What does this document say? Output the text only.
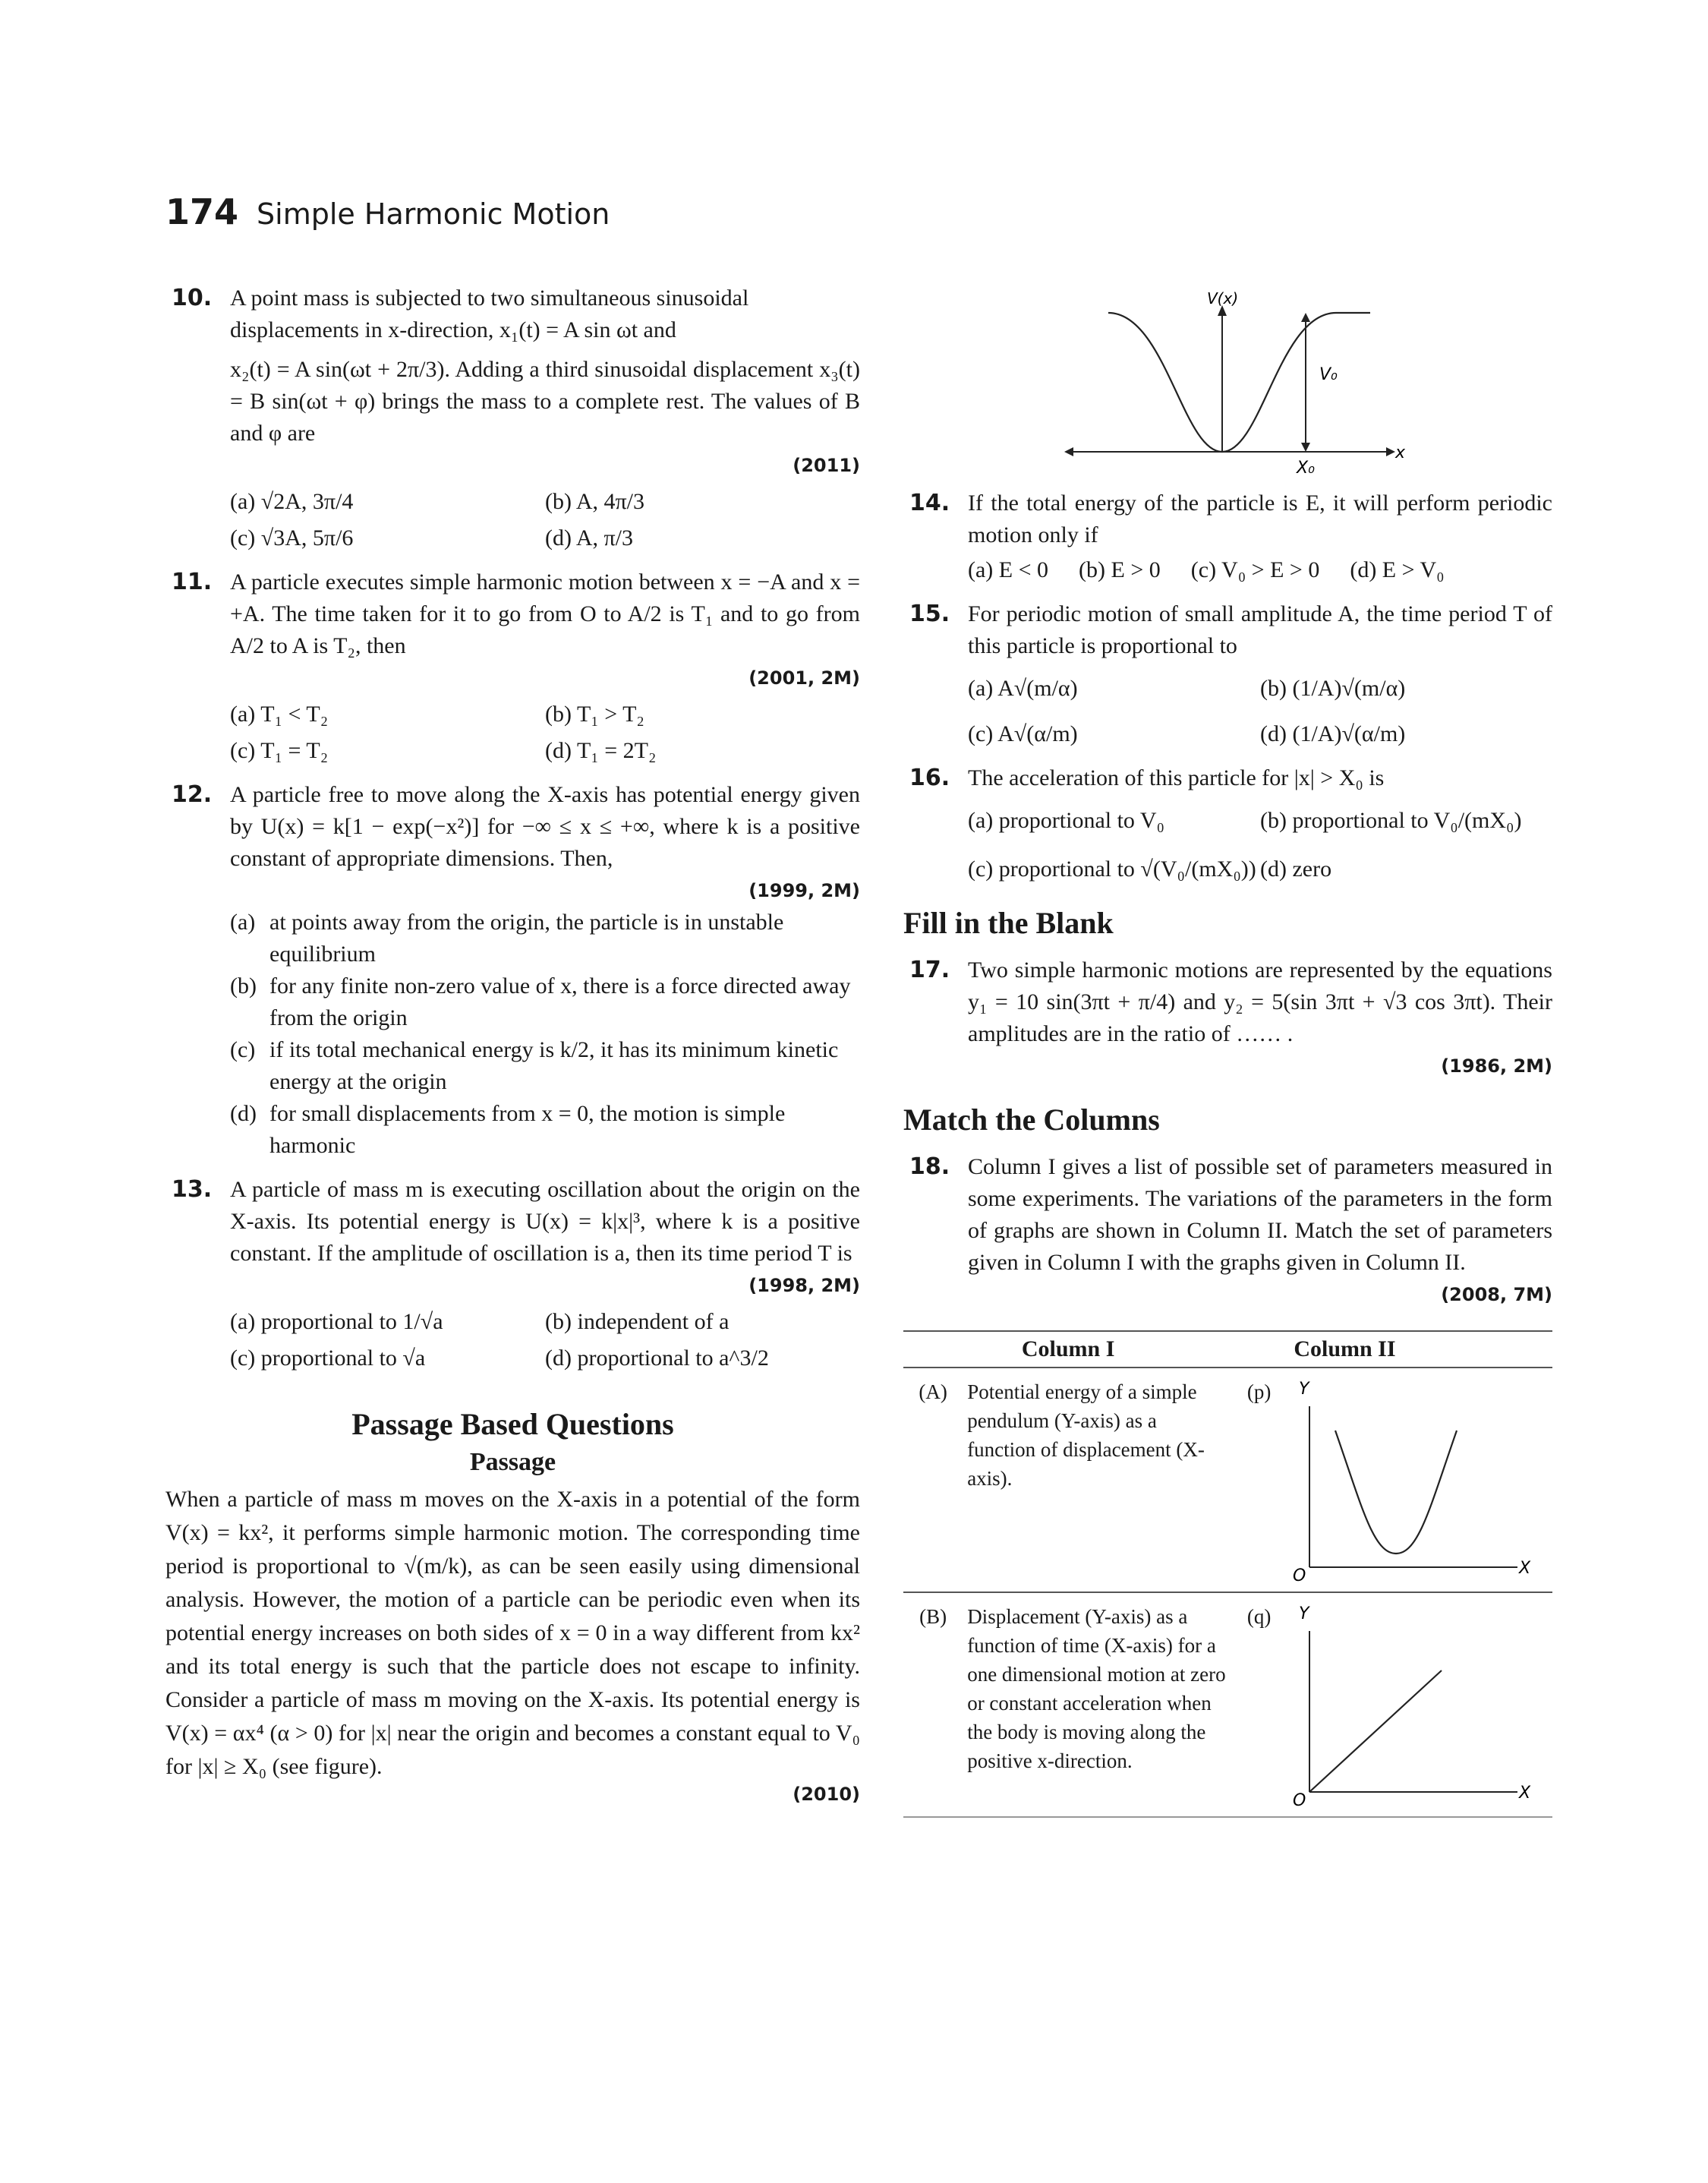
174 Simple Harmonic Motion
10. A point mass is subjected to two simultaneous sinusoidal displacements in x-direction, x₁(t) = A sin ωt and
x₂(t) = A sin(ωt + 2π/3). Adding a third sinusoidal displacement x₃(t) = B sin(ωt + φ) brings the mass to a complete rest. The values of B and φ are
(2011)
(a) √2A, 3π/4	(b) A, 4π/3
(c) √3A, 5π/6	(d) A, π/3
11. A particle executes simple harmonic motion between x = −A and x = +A. The time taken for it to go from O to A/2 is T₁ and to go from A/2 to A is T₂, then
(2001, 2M)
(a) T₁ < T₂	(b) T₁ > T₂
(c) T₁ = T₂	(d) T₁ = 2T₂
12. A particle free to move along the X-axis has potential energy given by U(x) = k[1 − exp(−x²)] for −∞ ≤ x ≤ +∞, where k is a positive constant of appropriate dimensions. Then,
(1999, 2M)
(a) at points away from the origin, the particle is in unstable equilibrium
(b) for any finite non-zero value of x, there is a force directed away from the origin
(c) if its total mechanical energy is k/2, it has its minimum kinetic energy at the origin
(d) for small displacements from x = 0, the motion is simple harmonic
13. A particle of mass m is executing oscillation about the origin on the X-axis. Its potential energy is U(x) = k|x|³, where k is a positive constant. If the amplitude of oscillation is a, then its time period T is
(1998, 2M)
(a) proportional to 1/√a	(b) independent of a
(c) proportional to √a	(d) proportional to a^3/2
Passage Based Questions
Passage
When a particle of mass m moves on the X-axis in a potential of the form V(x) = kx², it performs simple harmonic motion. The corresponding time period is proportional to √(m/k), as can be seen easily using dimensional analysis. However, the motion of a particle can be periodic even when its potential energy increases on both sides of x = 0 in a way different from kx² and its total energy is such that the particle does not escape to infinity. Consider a particle of mass m moving on the X-axis. Its potential energy is V(x) = αx⁴ (α > 0) for |x| near the origin and becomes a constant equal to V₀ for |x| ≥ X₀ (see figure).
(2010)
V(x)
V₀
X₀
x
14. If the total energy of the particle is E, it will perform periodic motion only if
(a) E < 0 (b) E > 0 (c) V₀ > E > 0 (d) E > V₀
15. For periodic motion of small amplitude A, the time period T of this particle is proportional to
(a) A√(m/α)	(b) (1/A)√(m/α)
(c) A√(α/m)	(d) (1/A)√(α/m)
16. The acceleration of this particle for |x| > X₀ is
(a) proportional to V₀	(b) proportional to V₀/(mX₀)
(c) proportional to √(V₀/(mX₀)) (d) zero
Fill in the Blank
17. Two simple harmonic motions are represented by the equations y₁ = 10 sin(3πt + π/4) and y₂ = 5(sin 3πt + √3 cos 3πt). Their amplitudes are in the ratio of …… .
(1986, 2M)
Match the Columns
18. Column I gives a list of possible set of parameters measured in some experiments. The variations of the parameters in the form of graphs are shown in Column II. Match the set of parameters given in Column I with the graphs given in Column II.
(2008, 7M)
Column I		Column II	
(A)	Potential energy of a simple pendulum (Y-axis) as a function of displacement (X-axis).	(p)	Y
X
O

(B)	Displacement (Y-axis) as a function of time (X-axis) for a one dimensional motion at zero or constant acceleration when the body is moving along the positive x-direction.	(q)	Y
X
O
